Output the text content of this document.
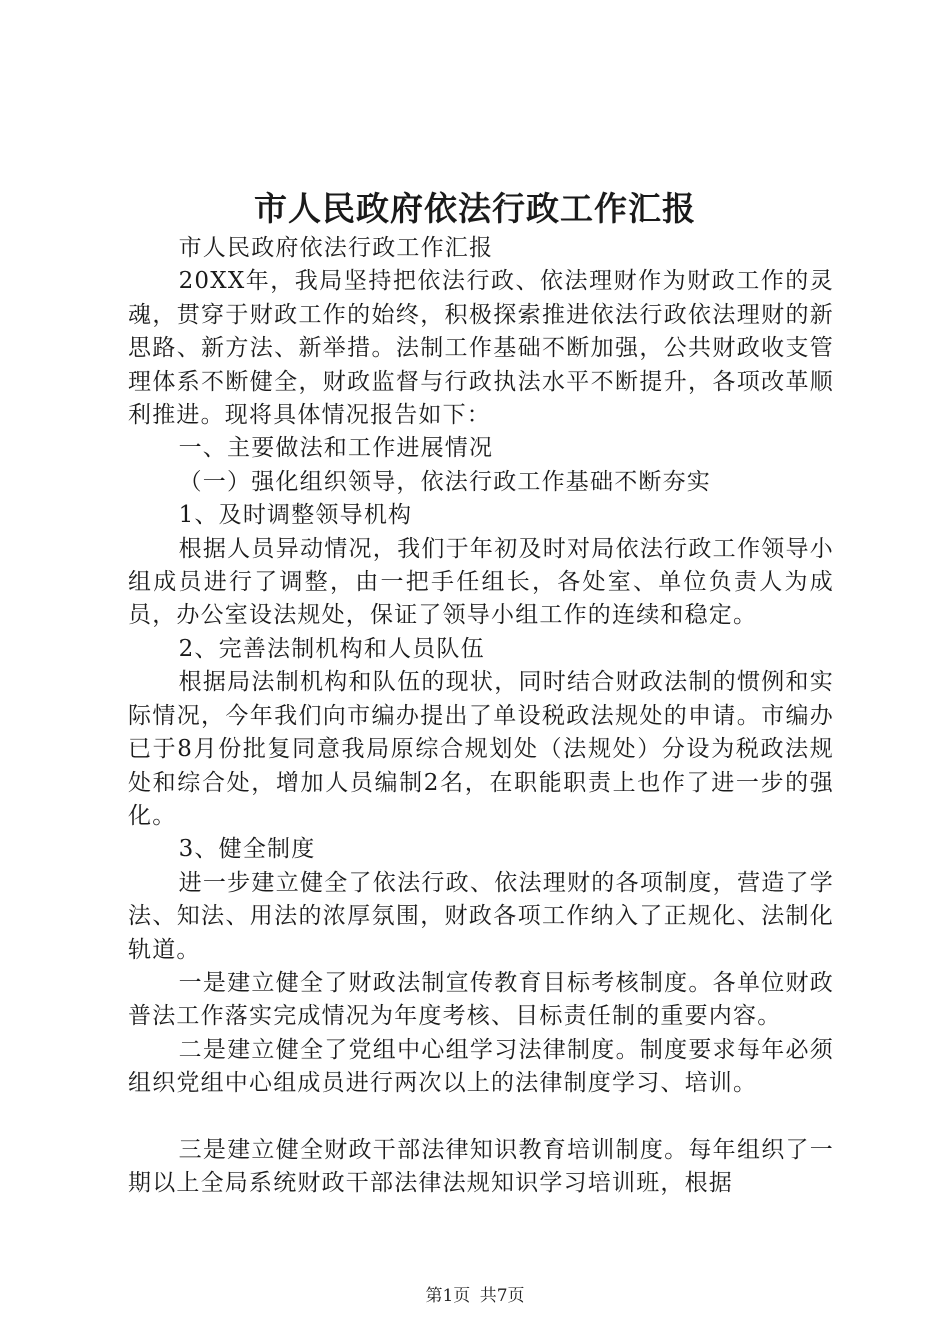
市人民政府依法行政工作汇报

市人民政府依法行政工作汇报

20XX年，我局坚持把依法行政、依法理财作为财政工作的灵魂，贯穿于财政工作的始终，积极探索推进依法行政依法理财的新思路、新方法、新举措。法制工作基础不断加强，公共财政收支管理体系不断健全，财政监督与行政执法水平不断提升，各项改革顺利推进。现将具体情况报告如下：

一、主要做法和工作进展情况

（一）强化组织领导，依法行政工作基础不断夯实

1、及时调整领导机构

根据人员异动情况，我们于年初及时对局依法行政工作领导小组成员进行了调整，由一把手任组长，各处室、单位负责人为成员，办公室设法规处，保证了领导小组工作的连续和稳定。

2、完善法制机构和人员队伍

根据局法制机构和队伍的现状，同时结合财政法制的惯例和实际情况，今年我们向市编办提出了单设税政法规处的申请。市编办已于8月份批复同意我局原综合规划处（法规处）分设为税政法规处和综合处，增加人员编制2名，在职能职责上也作了进一步的强化。

3、健全制度

进一步建立健全了依法行政、依法理财的各项制度，营造了学法、知法、用法的浓厚氛围，财政各项工作纳入了正规化、法制化轨道。

一是建立健全了财政法制宣传教育目标考核制度。各单位财政普法工作落实完成情况为年度考核、目标责任制的重要内容。

二是建立健全了党组中心组学习法律制度。制度要求每年必须组织党组中心组成员进行两次以上的法律制度学习、培训。

三是建立健全财政干部法律知识教育培训制度。每年组织了一期以上全局系统财政干部法律法规知识学习培训班，根据

第1页 共7页
